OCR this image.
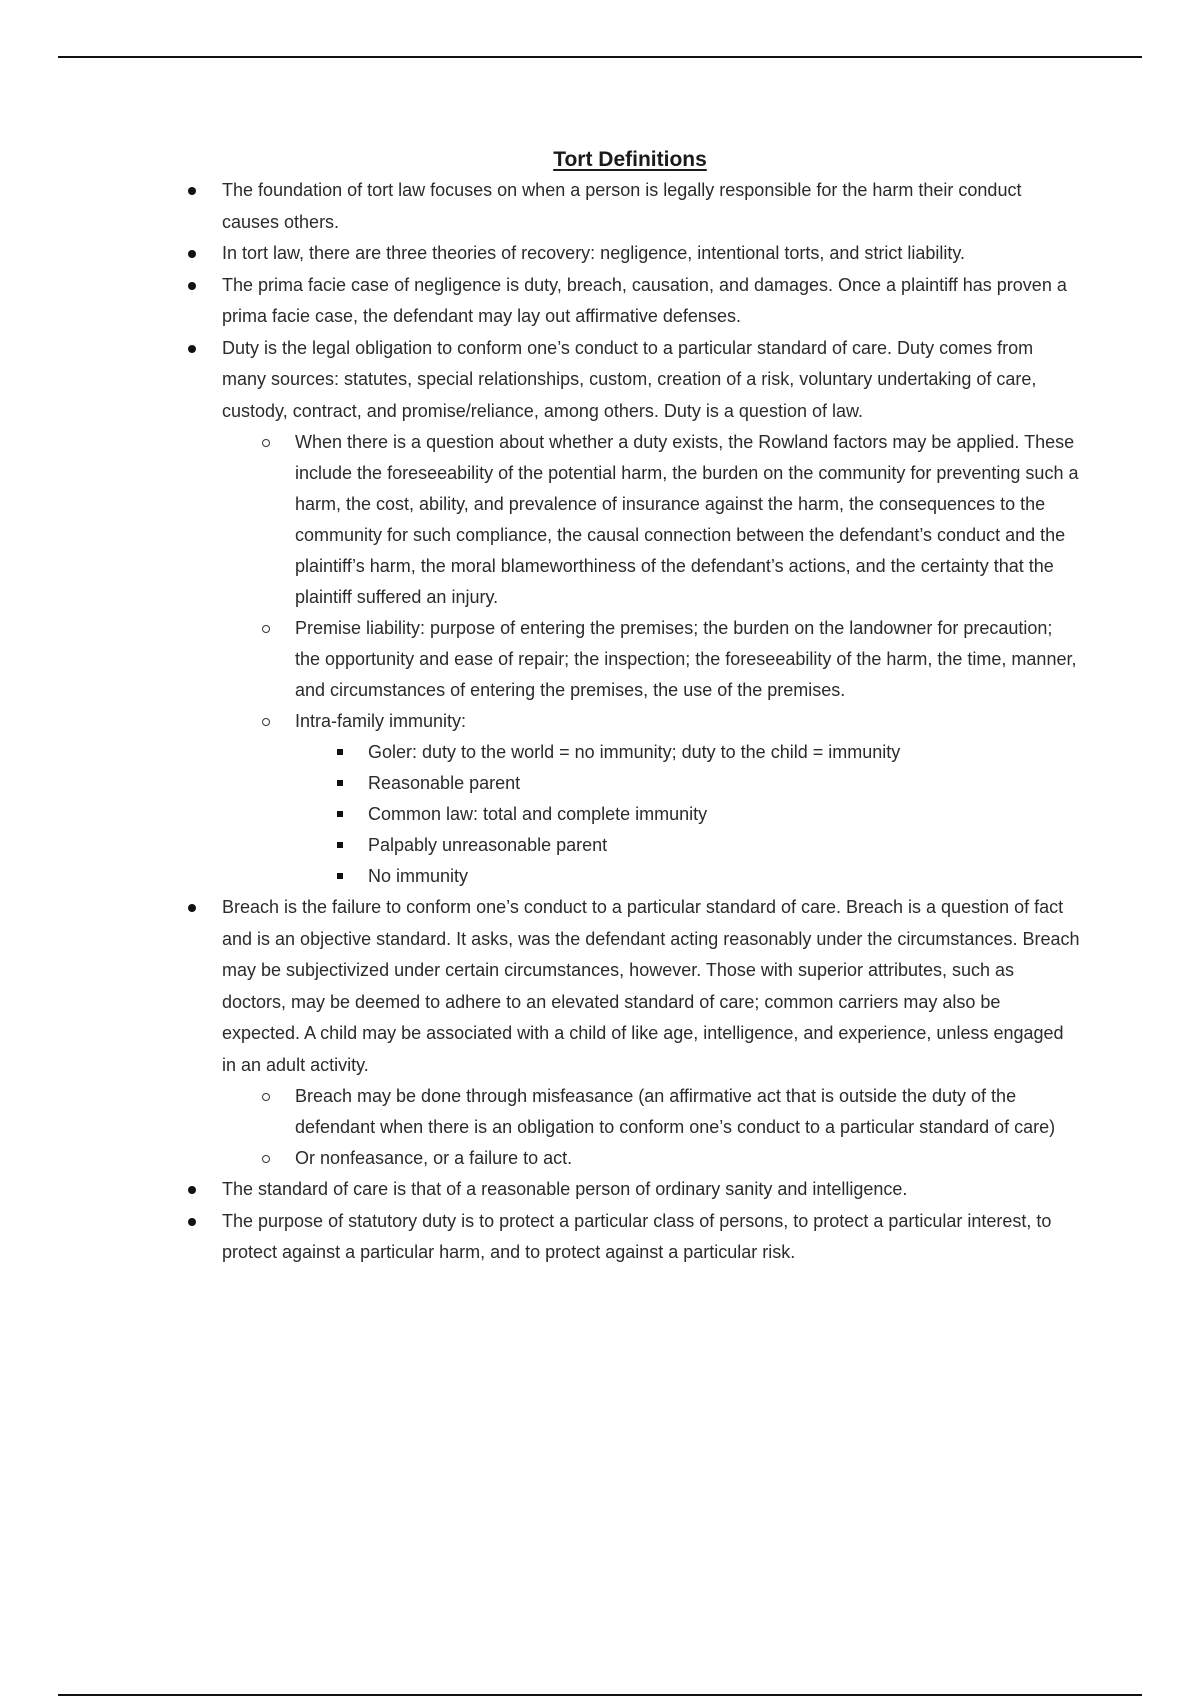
Tort Definitions
The foundation of tort law focuses on when a person is legally responsible for the harm their conduct causes others.
In tort law, there are three theories of recovery: negligence, intentional torts, and strict liability.
The prima facie case of negligence is duty, breach, causation, and damages. Once a plaintiff has proven a prima facie case, the defendant may lay out affirmative defenses.
Duty is the legal obligation to conform one’s conduct to a particular standard of care. Duty comes from many sources: statutes, special relationships, custom, creation of a risk, voluntary undertaking of care, custody, contract, and promise/reliance, among others. Duty is a question of law.
When there is a question about whether a duty exists, the Rowland factors may be applied. These include the foreseeability of the potential harm, the burden on the community for preventing such a harm, the cost, ability, and prevalence of insurance against the harm, the consequences to the community for such compliance, the causal connection between the defendant’s conduct and the plaintiff’s harm, the moral blameworthiness of the defendant’s actions, and the certainty that the plaintiff suffered an injury.
Premise liability: purpose of entering the premises; the burden on the landowner for precaution; the opportunity and ease of repair; the inspection; the foreseeability of the harm, the time, manner, and circumstances of entering the premises, the use of the premises.
Intra-family immunity:
Goler: duty to the world = no immunity; duty to the child = immunity
Reasonable parent
Common law: total and complete immunity
Palpably unreasonable parent
No immunity
Breach is the failure to conform one’s conduct to a particular standard of care. Breach is a question of fact and is an objective standard. It asks, was the defendant acting reasonably under the circumstances. Breach may be subjectivized under certain circumstances, however. Those with superior attributes, such as doctors, may be deemed to adhere to an elevated standard of care; common carriers may also be expected. A child may be associated with a child of like age, intelligence, and experience, unless engaged in an adult activity.
Breach may be done through misfeasance (an affirmative act that is outside the duty of the defendant when there is an obligation to conform one’s conduct to a particular standard of care)
Or nonfeasance, or a failure to act.
The standard of care is that of a reasonable person of ordinary sanity and intelligence.
The purpose of statutory duty is to protect a particular class of persons, to protect a particular interest, to protect against a particular harm, and to protect against a particular risk.
